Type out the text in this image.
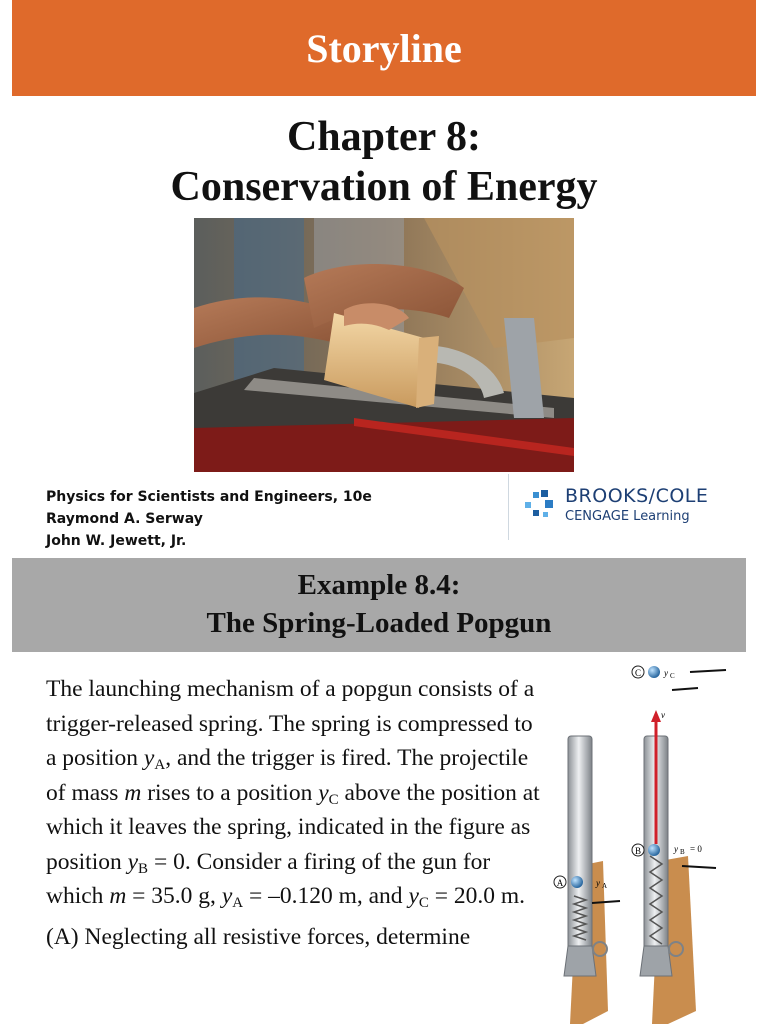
Storyline
Chapter 8:
Conservation of Energy
Physics for Scientists and Engineers, 10e
Raymond A. Serway
John W. Jewett, Jr.
BROOKS/COLE
CENGAGE Learning
Example 8.4:
The Spring-Loaded Popgun

The launching mechanism of a popgun consists of a trigger-released spring. The spring is compressed to a position $y_A$, and the trigger is fired. The projectile of mass m rises to a position $y_C$ above the position at which it leaves the spring, indicated in the figure as position $y_B = 0$. Consider a firing of the gun for which m = 35.0 g, $y_A = -0.120$ m, and $y_C = 20.0$ m.

(A) Neglecting all resistive forces, determine

A	y A
v
B	y B = 0
C	y C
